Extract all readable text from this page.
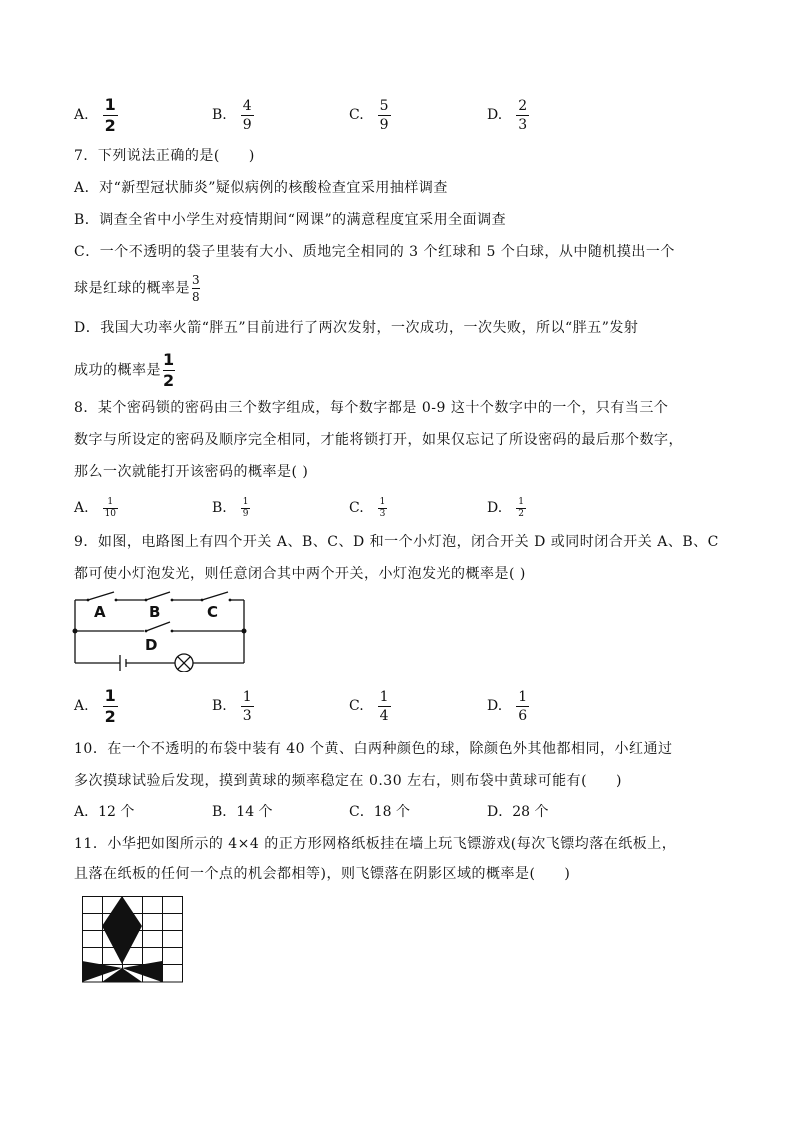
A. $\frac{1}{2}$	B. $\frac{4}{9}$	C. $\frac{5}{9}$	D. $\frac{2}{3}$
7．下列说法正确的是(　　)
A．对“新型冠状肺炎”疑似病例的核酸检查宜采用抽样调查
B．调查全省中小学生对疫情期间“网课”的满意程度宜采用全面调查
C．一个不透明的袋子里装有大小、质地完全相同的 3 个红球和 5 个白球，从中随机摸出一个
球是红球的概率是 $\frac{3}{8}$
D．我国大功率火箭“胖五”目前进行了两次发射，一次成功，一次失败，所以“胖五”发射
成功的概率是 $\frac{1}{2}$
8．某个密码锁的密码由三个数字组成，每个数字都是 0-9 这十个数字中的一个，只有当三个
数字与所设定的密码及顺序完全相同，才能将锁打开，如果仅忘记了所设密码的最后那个数字，
那么一次就能打开该密码的概率是( )
A. $\frac{1}{10}$	B. $\frac{1}{9}$	C. $\frac{1}{3}$	D. $\frac{1}{2}$
9．如图，电路图上有四个开关 A、B、C、D 和一个小灯泡，闭合开关 D 或同时闭合开关 A、B、C
都可使小灯泡发光，则任意闭合其中两个开关，小灯泡发光的概率是( )
A	B	C
D
A. $\frac{1}{2}$	B. $\frac{1}{3}$	C. $\frac{1}{4}$	D. $\frac{1}{6}$
10．在一个不透明的布袋中装有 40 个黄、白两种颜色的球，除颜色外其他都相同，小红通过
多次摸球试验后发现，摸到黄球的频率稳定在 0.30 左右，则布袋中黄球可能有(　　)
A．12 个	B．14 个	C．18 个	D．28 个
11．小华把如图所示的 4×4 的正方形网格纸板挂在墙上玩飞镖游戏(每次飞镖均落在纸板上，
且落在纸板的任何一个点的机会都相等)，则飞镖落在阴影区域的概率是(　　)
